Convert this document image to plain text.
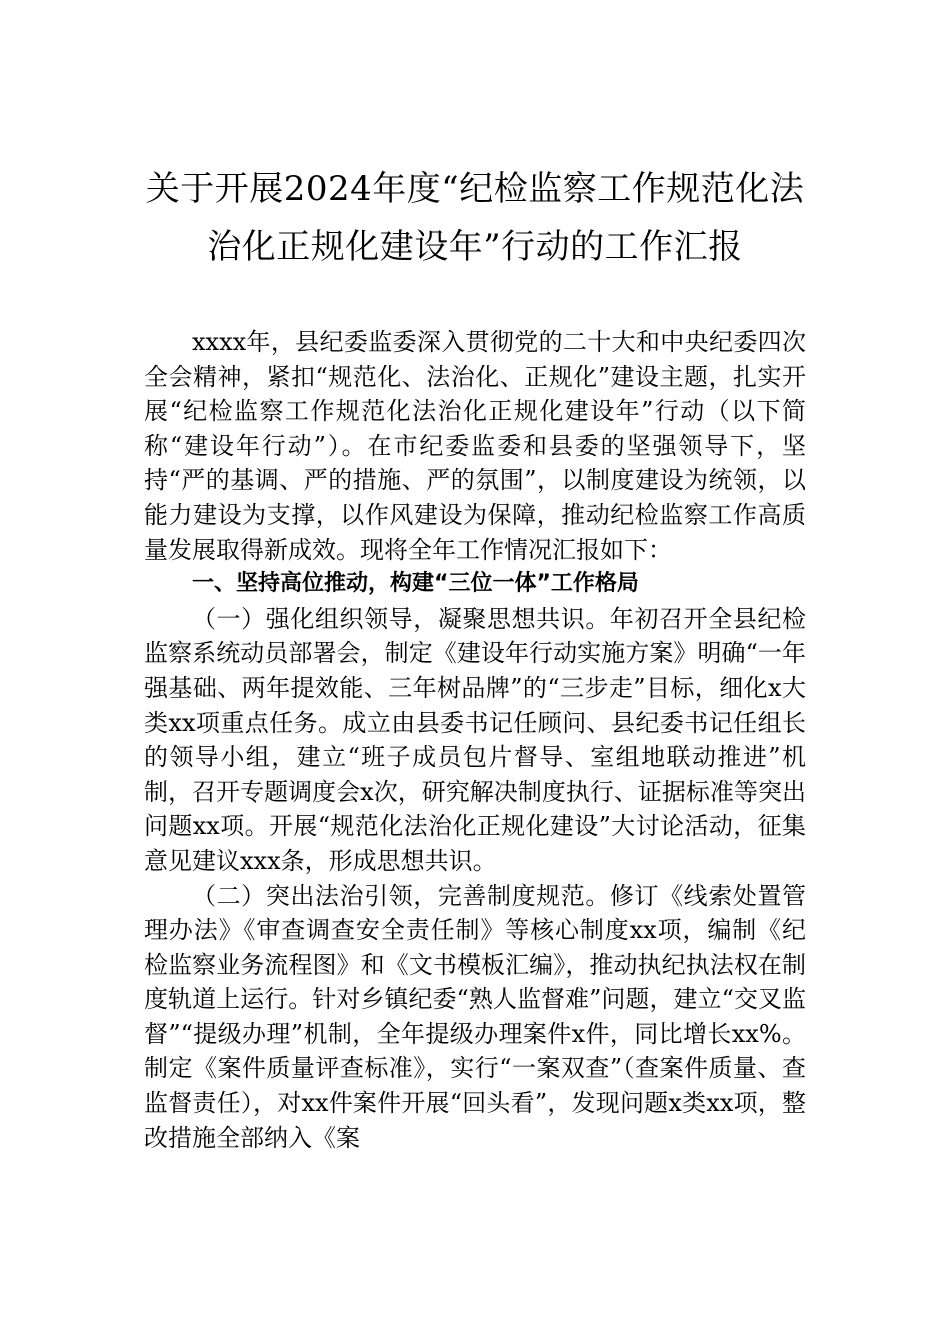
关于开展2024年度“纪检监察工作规范化法
治化正规化建设年”行动的工作汇报

xxxx年，县纪委监委深入贯彻党的二十大和中央纪委四次全会精神，紧扣“规范化、法治化、正规化”建设主题，扎实开展“纪检监察工作规范化法治化正规化建设年”行动（以下简称“建设年行动”）。在市纪委监委和县委的坚强领导下，坚持“严的基调、严的措施、严的氛围”，以制度建设为统领，以能力建设为支撑，以作风建设为保障，推动纪检监察工作高质量发展取得新成效。现将全年工作情况汇报如下：

一、坚持高位推动，构建“三位一体”工作格局

（一）强化组织领导，凝聚思想共识。年初召开全县纪检监察系统动员部署会，制定《建设年行动实施方案》明确“一年强基础、两年提效能、三年树品牌”的“三步走”目标，细化x大类xx项重点任务。成立由县委书记任顾问、县纪委书记任组长的领导小组，建立“班子成员包片督导、室组地联动推进”机制，召开专题调度会x次，研究解决制度执行、证据标准等突出问题xx项。开展“规范化法治化正规化建设”大讨论活动，征集意见建议xxx条，形成思想共识。

（二）突出法治引领，完善制度规范。修订《线索处置管理办法》《审查调查安全责任制》等核心制度xx项，编制《纪检监察业务流程图》和《文书模板汇编》，推动执纪执法权在制度轨道上运行。针对乡镇纪委“熟人监督难”问题，建立“交叉监督”“提级办理”机制，全年提级办理案件x件，同比增长xx%。制定《案件质量评查标准》，实行“一案双查”（查案件质量、查监督责任），对xx件案件开展“回头看”，发现问题x类xx项，整改措施全部纳入《案
